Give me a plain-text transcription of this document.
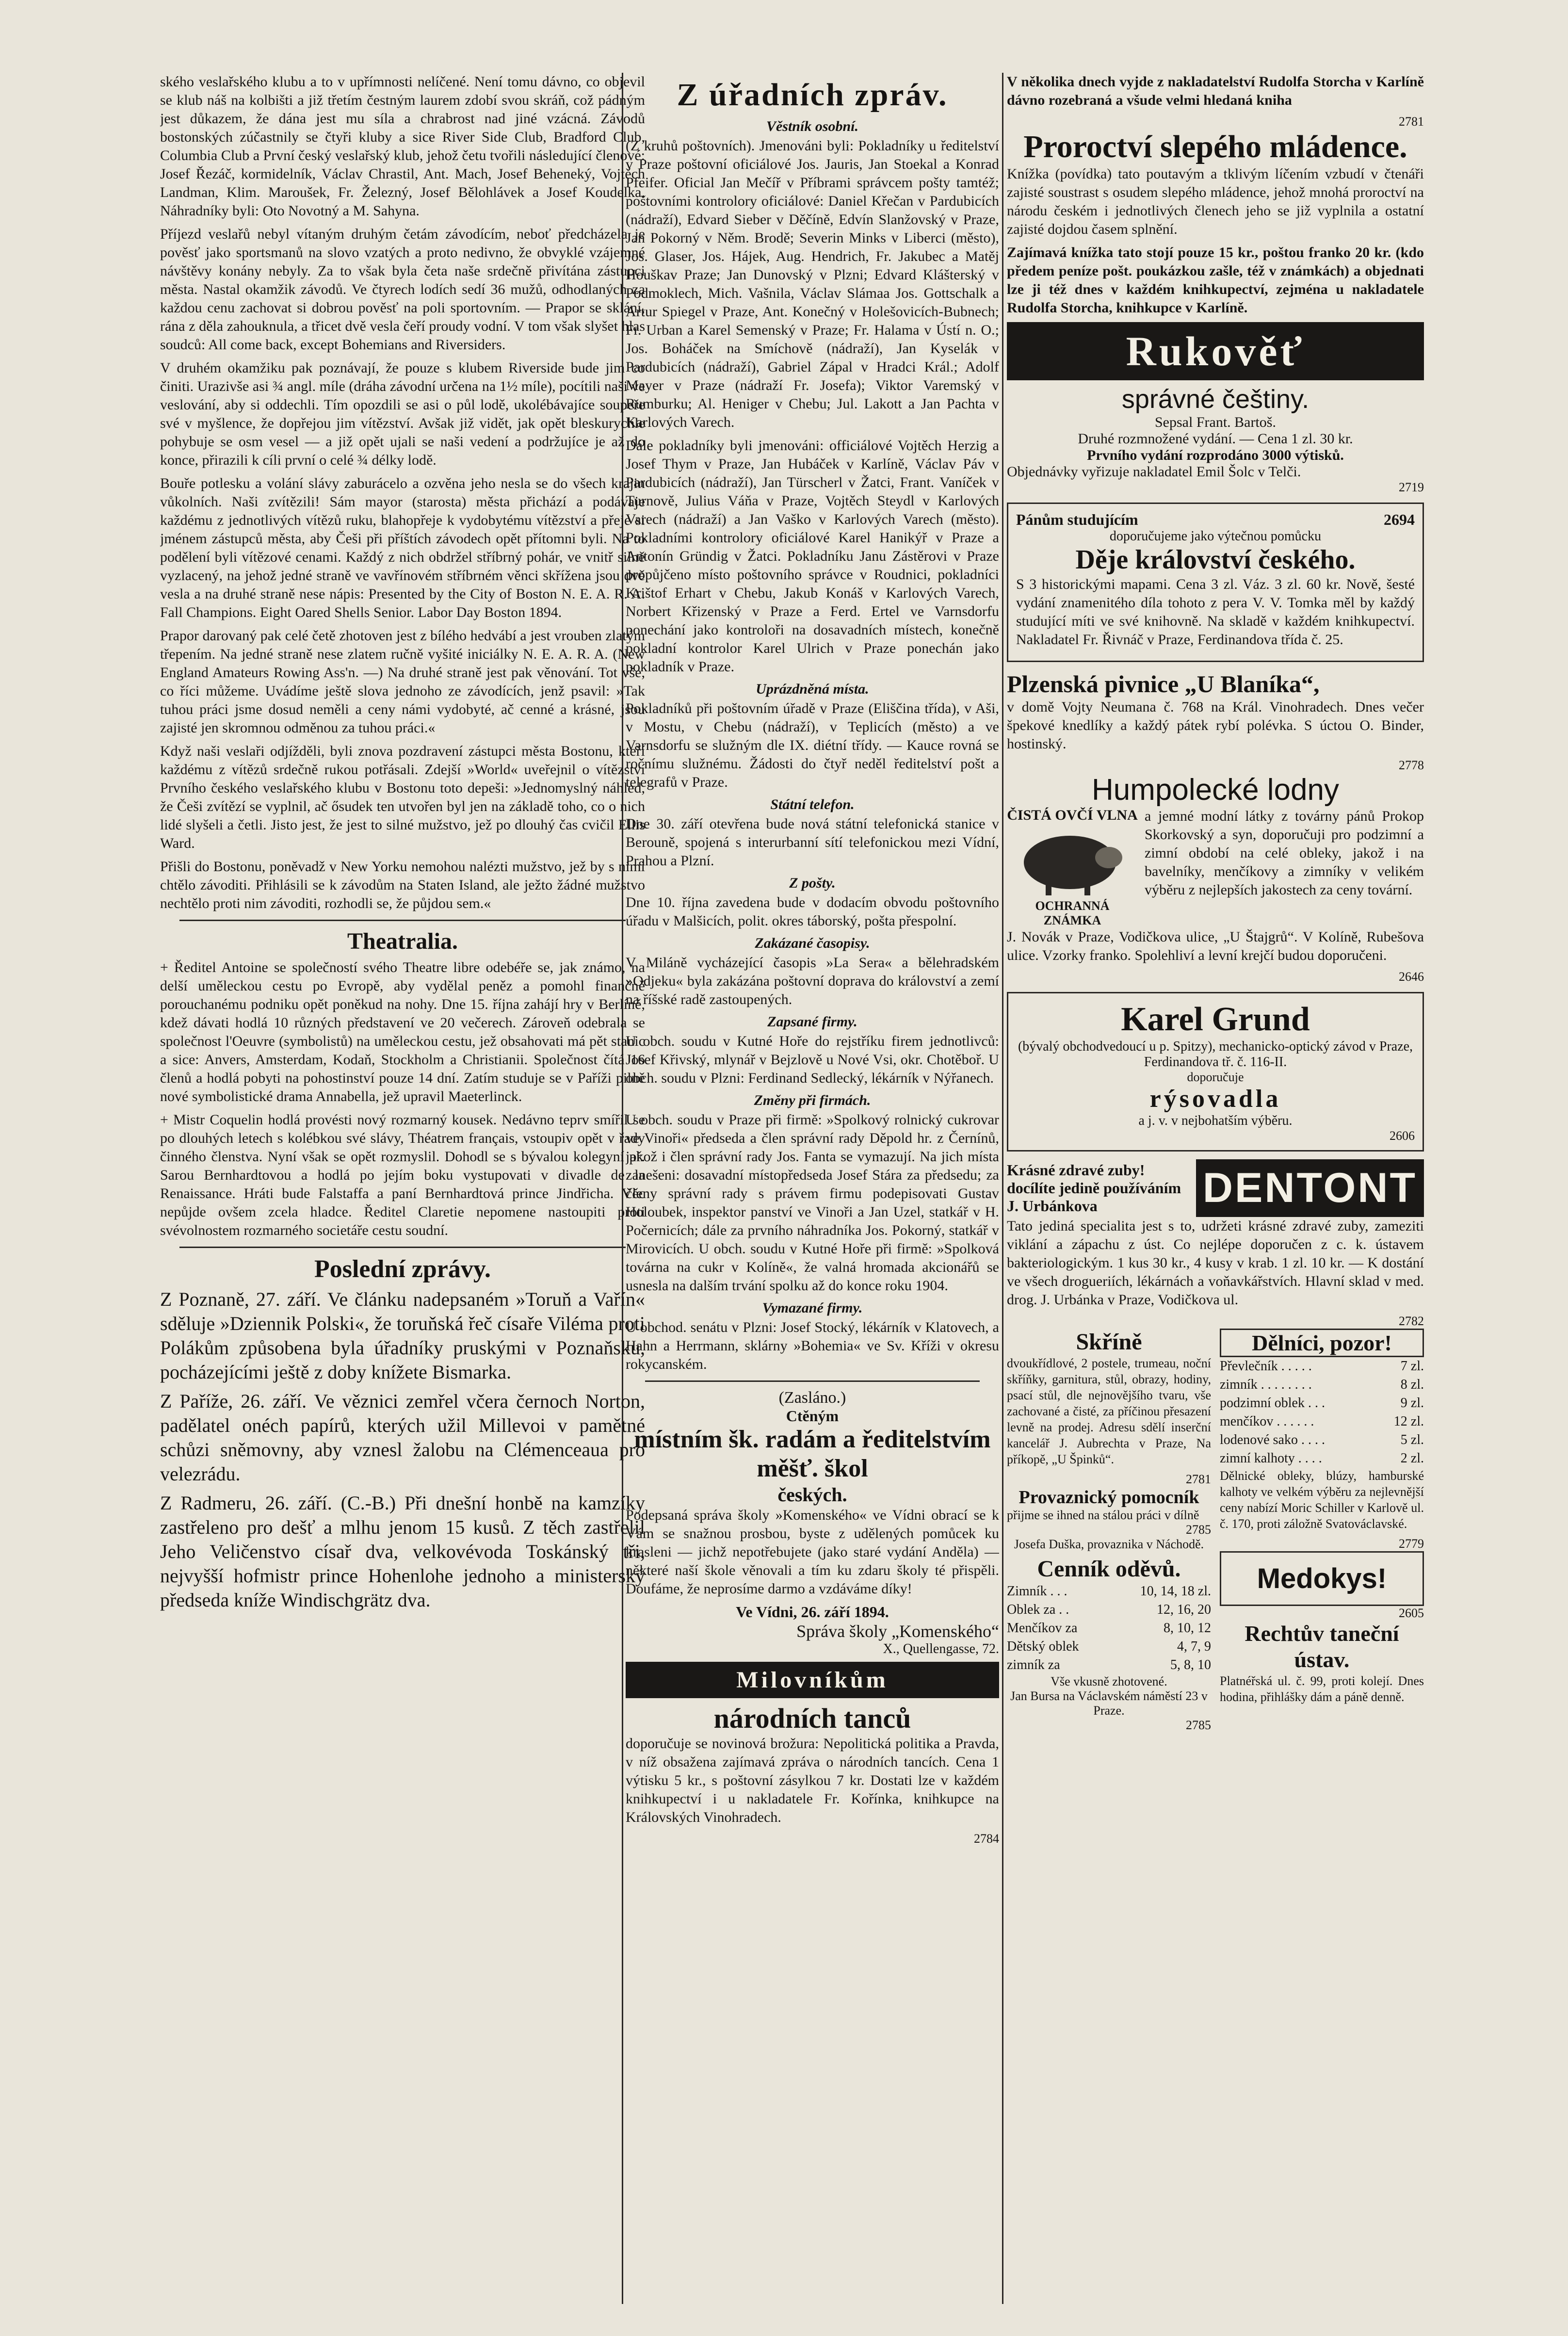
ského veslařského klubu a to v upřímnosti nelíčené. Není tomu dávno, co objevil se klub náš na kolbišti a již třetím čestným laurem zdobí svou skráň, což pádným jest důkazem, že dána jest mu síla a chrabrost nad jiné vzácná. Závodů bostonských zúčastnily se čtyři kluby a sice River Side Club, Bradford Club, Columbia Club a První český veslařský klub, jehož četu tvořili následující členové: Josef Řezáč, kormidelník, Václav Chrastil, Ant. Mach, Josef Beheneký, Vojtěch Landman, Klim. Maroušek, Fr. Železný, Josef Bělohlávek a Josef Koudelka. Náhradníky byli: Oto Novotný a M. Sahyna.

Příjezd veslařů nebyl vítaným druhým četám závodícím, neboť předcházela je pověsť jako sportsmanů na slovo vzatých a proto nedivno, že obvyklé vzájemné návštěvy konány nebyly. Za to však byla četa naše srdečně přivítána zástupci města. Nastal okamžik závodů. Ve čtyrech lodích sedí 36 mužů, odhodlaných za každou cenu zachovat si dobrou pověsť na poli sportovním. — Prapor se sklání, rána z děla zahouknula, a třicet dvě vesla čeří proudy vodní. V tom však slyšet hlas soudců: All come back, except Bohemians and Riversiders.

V druhém okamžiku pak poznávají, že pouze s klubem Riverside bude jim co činiti. Urazivše asi ¾ angl. míle (dráha závodní určena na 1½ míle), pocítili naši ve veslování, aby si oddechli. Tím opozdili se asi o půl lodě, ukolébávajíce soupeře své v myšlence, že dopřejou jim vítězství. Avšak již vidět, jak opět bleskurychle pohybuje se osm vesel — a již opět ujali se naši vedení a podržujíce je až do konce, přirazili k cíli první o celé ¾ délky lodě.

Bouře potlesku a volání slávy zaburácelo a ozvěna jeho nesla se do všech krajin vůkolních. Naši zvítězili! Sám mayor (starosta) města přichází a podávaje každému z jednotlivých vítězů ruku, blahopřeje k vydobytému vítězství a přeje si jménem zástupců města, aby Češi při příštích závodech opět přítomni byli. Na to podělení byli vítězové cenami. Každý z nich obdržel stříbrný pohár, ve vnitř silně vyzlacený, na jehož jedné straně ve vavřínovém stříbrném věnci skřížena jsou dvě vesla a na druhé straně nese nápis: Presented by the City of Boston N. E. A. R. A. Fall Champions. Eight Oared Shells Senior. Labor Day Boston 1894.

Prapor darovaný pak celé četě zhotoven jest z bílého hedvábí a jest vrouben zlatým třepením. Na jedné straně nese zlatem ručně vyšité iniciálky N. E. A. R. A. (New England Amateurs Rowing Ass'n. —) Na druhé straně jest pak věnování. Tot vše, co říci můžeme. Uvádíme ještě slova jednoho ze závodících, jenž psavil: »Tak tuhou práci jsme dosud neměli a ceny námi vydobyté, ač cenné a krásné, jsou zajisté jen skromnou odměnou za tuhou práci.«

Když naši veslaři odjížděli, byli znova pozdravení zástupci města Bostonu, kteří každému z vítězů srdečně rukou potřásali. Zdejší »World« uveřejnil o vítězství Prvního českého veslařského klubu v Bostonu toto depeši: »Jednomyslný náhled, že Češi zvítězí se vyplnil, ač ősudek ten utvořen byl jen na základě toho, co o nich lidé slyšeli a četli. Jisto jest, že jest to silné mužstvo, jež po dlouhý čas cvičil Ellis Ward.

Přišli do Bostonu, poněvadž v New Yorku nemohou nalézti mužstvo, jež by s nimi chtělo závoditi. Přihlásili se k závodům na Staten Island, ale ježto žádné mužstvo nechtělo proti nim závoditi, rozhodli se, že půjdou sem.«

Theatralia.

+ Ředitel Antoine se společností svého Theatre libre odebéře se, jak známo, na delší uměleckou cestu po Evropě, aby vydělal peněz a pomohl finančně porouchanému podniku opět poněkud na nohy. Dne 15. října zahájí hry v Berlíně, kdež dávati hodlá 10 různých představení ve 20 večerech. Zároveň odebrala se společnost l'Oeuvre (symbolistů) na uměleckou cestu, jež obsahovati má pět stanic a sice: Anvers, Amsterdam, Kodaň, Stockholm a Christianii. Společnost čítá 16 členů a hodlá pobyti na pohostinství pouze 14 dní. Zatím studuje se v Paříži pilně nové symbolistické drama Annabella, jež upravil Maeterlinck.

+ Mistr Coquelin hodlá provésti nový rozmarný kousek. Nedávno teprv smířil se po dlouhých letech s kolébkou své slávy, Théatrem français, vstoupiv opět v řady činného členstva. Nyní však se opět rozmyslil. Dohodl se s bývalou kolegyní př. Sarou Bernhardtovou a hodlá po jejím boku vystupovati v divadle de la Renaissance. Hráti bude Falstaffa a paní Bernhardtová prince Jindřicha. Věc nepůjde ovšem zcela hladce. Ředitel Claretie nepomene nastoupiti proti svévolnostem rozmarného societáře cestu soudní.

Poslední zprávy.

Z Poznaně, 27. září. Ve článku nadepsaném »Toruň a Vařín« sděluje »Dziennik Polski«, že toruňská řeč císaře Viléma proti Polákům způsobena byla úřadníky pruskými v Poznaňsku, pocházejícími ještě z doby knížete Bismarka.

Z Paříže, 26. září. Ve věznici zemřel včera černoch Norton, padělatel onéch papírů, kterých užil Millevoi v pamětné schůzi sněmovny, aby vznesl žalobu na Clémenceaua pro velezrádu.

Z Radmeru, 26. září. (C.-B.) Při dnešní honbě na kamzíky zastřeleno pro dešť a mlhu jenom 15 kusů. Z těch zastřelil Jeho Veličenstvo císař dva, velkovévoda Toskánský tři, nejvyšší hofmistr prince Hohenlohe jednoho a ministerský předseda kníže Windischgrätz dva.

Z úřadních zpráv.
Věstník osobní.

(Z kruhů poštovních). Jmenováni byli: Pokladníky u ředitelství v Praze poštovní oficiálové Jos. Jauris, Jan Stoekal a Konrad Pfeifer. Oficial Jan Mečíř v Příbrami správcem pošty tamtéž; poštovními kontrolory oficiálové: Daniel Křečan v Pardubicích (nádraží), Edvard Sieber v Děčíně, Edvín Slanžovský v Praze, Jan Pokorný v Něm. Brodě; Severin Minks v Liberci (město), Jos. Glaser, Jos. Hájek, Aug. Hendrich, Fr. Jakubec a Matěj Houškav Praze; Jan Dunovský v Plzni; Edvard Klášterský v Podmoklech, Mich. Vašnila, Václav Slámaa Jos. Gottschalk a Artur Spiegel v Praze, Ant. Konečný v Holešovicích-Bubnech; Fr. Urban a Karel Semenský v Praze; Fr. Halama v Ústí n. O.; Jos. Boháček na Smíchově (nádraží), Jan Kyselák v Pardubicích (nádraží), Gabriel Zápal v Hradci Král.; Adolf Mayer v Praze (nádraží Fr. Josefa); Viktor Varemský v Rumburku; Al. Heniger v Chebu; Jul. Lakott a Jan Pachta v Karlových Varech.

Dále pokladníky byli jmenováni: officiálové Vojtěch Herzig a Josef Thym v Praze, Jan Hubáček v Karlíně, Václav Páv v Pardubicích (nádraží), Jan Türscherl v Žatci, Frant. Vaníček v Turnově, Julius Váňa v Praze, Vojtěch Steydl v Karlových Varech (nádraží) a Jan Vaško v Karlových Varech (město). Pokladními kontrolory oficiálové Karel Hanikýř v Praze a Antonín Gründig v Žatci. Pokladníku Janu Zástěrovi v Praze propůjčeno místo poštovního správce v Roudnici, pokladníci Krištof Erhart v Chebu, Jakub Konáš v Karlových Varech, Norbert Křizenský v Praze a Ferd. Ertel ve Varnsdorfu ponechání jako kontroloři na dosavadních místech, konečně pokladní kontrolor Karel Ulrich v Praze ponechán jako pokladník v Praze.

Uprázdněná místa.

Pokladníků při poštovním úřadě v Praze (Eliščina třída), v Aši, v Mostu, v Chebu (nádraží), v Teplicích (město) a ve Varnsdorfu se služným dle IX. diétní třídy. — Kauce rovná se ročnímu služnému. Žádosti do čtyř neděl ředitelství pošt a telegrafů v Praze.

Státní telefon.

Dne 30. září otevřena bude nová státní telefonická stanice v Berouně, spojená s interurbanní sítí telefonickou mezi Vídní, Prahou a Plzní.

Z pošty.

Dne 10. října zavedena bude v dodacím obvodu poštovního úřadu v Malšicích, polit. okres táborský, pošta přespolní.

Zakázané časopisy.

V Miláně vycházející časopis »La Sera« a bělehradském »Odjeku« byla zakázána poštovní doprava do království a zemí na říšské radě zastoupených.

Zapsané firmy.

U obch. soudu v Kutné Hoře do rejstříku firem jednotlivců: Josef Křivský, mlynář v Bejzlově u Nové Vsi, okr. Chotěboř. U obch. soudu v Plzni: Ferdinand Sedlecký, lékárník v Nýřanech.

Změny při firmách.

U obch. soudu v Praze při firmě: »Spolkový rolnický cukrovar ve Vinoři« předseda a člen správní rady Děpold hr. z Černínů, jakož i člen správní rady Jos. Fanta se vymazují. Na jich místa zanešeni: dosavadní místopředseda Josef Stára za předsedu; za členy správní rady s právem firmu podepisovati Gustav Holoubek, inspektor panství ve Vinoři a Jan Uzel, statkář v H. Počernicích; dále za prvního náhradníka Jos. Pokorný, statkář v Mirovicích. U obch. soudu v Kutné Hoře při firmě: »Spolková továrna na cukr v Kolíně«, že valná hromada akcionářů se usnesla na dalším trvání spolku až do konce roku 1904.

Vymazané firmy.

U obchod. senátu v Plzni: Josef Stocký, lékárník v Klatovech, a Hahn a Herrmann, sklárny »Bohemia« ve Sv. Kříži v okresu rokycanském.

(Zasláno.)
Ctěným
místním šk. radám a ředitelstvím měšť. škol
českých.

Podepsaná správa školy »Komenského« ve Vídni obrací se k Vám se snažnou prosbou, byste z udělených pomůcek ku krasleni — jichž nepotřebujete (jako staré vydání Anděla) — některé naší škole věnovali a tím ku zdaru školy té přispěli. Doufáme, že neprosíme darmo a vzdáváme díky!

Ve Vídni, 26. září 1894.
Správa školy „Komenského“
X., Quellengasse, 72.
Milovníkům
národních tanců

doporučuje se novinová brožura: Nepolitická politika a Pravda, v níž obsažena zajímavá zpráva o národních tancích. Cena 1 výtisku 5 kr., s poštovní zásylkou 7 kr. Dostati lze v každém knihkupectví i u nakladatele Fr. Kořínka, knihkupce na Královských Vinohradech.

2784

V několika dnech vyjde z nakladatelství Rudolfa Storcha v Karlíně dávno rozebraná a všude velmi hledaná kniha

2781
Proroctví slepého mládence.

Knížka (povídka) tato poutavým a tklivým líčením vzbudí v čtenáři zajisté soustrast s osudem slepého mládence, jehož mnohá proroctví na národu českém i jednotlivých členech jeho se již vyplnila a ostatní zajisté dojdou časem splnění.

Zajímavá knížka tato stojí pouze 15 kr., poštou franko 20 kr. (kdo předem peníze pošt. poukázkou zašle, též v známkách) a objednati lze ji též dnes v každém knihkupectví, zejména u nakladatele Rudolfa Storcha, knihkupce v Karlíně.

Rukověť
správné češtiny.
Sepsal Frant. Bartoš.
Druhé rozmnožené vydání. — Cena 1 zl. 30 kr.
Prvního vydání rozprodáno 3000 výtisků.
Objednávky vyřizuje nakladatel Emil Šolc v Telči.
2719
Pánům studujícím	2694
doporučujeme jako výtečnou pomůcku
Děje království českého.

S 3 historickými mapami. Cena 3 zl. Váz. 3 zl. 60 kr. Nově, šesté vydání znamenitého díla tohoto z pera V. V. Tomka měl by každý studující míti ve své knihovně. Na skladě v každém knihkupectví. Nakladatel Fr. Řivnáč v Praze, Ferdinandova třída č. 25.

Plzenská pivnice „U Blaníka“,

v domě Vojty Neumana č. 768 na Král. Vinohradech. Dnes večer špekové knedlíky a každý pátek rybí polévka. S úctou O. Binder, hostinský.

2778
Humpolecké lodny
ČISTÁ OVČÍ VLNA
OCHRANNÁ ZNÁMKA

a jemné modní látky z továrny pánů Prokop Skorkovský a syn, doporučuji pro podzimní a zimní období na celé obleky, jakož i na bavelníky, menčíkovy a zimníky v velikém výběru z nejlepších jakostech za ceny tovární.

J. Novák v Praze, Vodičkova ulice, „U Štajgrů“. V Kolíně, Rubešova ulice. Vzorky franko. Spolehliví a levní krejčí budou doporučeni.

2646
Karel Grund
(bývalý obchodvedoucí u p. Spitzy), mechanicko-optický závod v Praze, Ferdinandova tř. č. 116-II.
doporučuje
rýsovadla
a j. v. v nejbohatším výběru.
2606
Krásné zdravé zuby! docílíte jedině používáním J. Urbánkova	DENTONT

Tato jediná specialita jest s to, udržeti krásné zdravé zuby, zameziti viklání a zápachu z úst. Co nejlépe doporučen z c. k. ústavem bakteriologickým. 1 kus 30 kr., 4 kusy v krab. 1 zl. 10 kr. — K dostání ve všech drogueriích, lékárnách a voňavkářstvích. Hlavní sklad v med. drog. J. Urbánka v Praze, Vodičkova ul.

2782
Skříně

dvoukřídlové, 2 postele, trumeau, noční skříňky, garnitura, stůl, obrazy, hodiny, psací stůl, dle nejnovějšího tvaru, vše zachované a čisté, za příčinou přesazení levně na prodej. Adresu sdělí inserční kancelář J. Aubrechta v Praze, Na příkopě, „U Špinků“.

2781
Provaznický pomocník
přijme se ihned na stálou práci v dílně
2785
Josefa Duška, provaznika v Náchodě.
Cenník oděvů.
Zimník . . .	10, 14, 18 zl.
Oblek za . .	12, 16, 20
Menčíkov za	8, 10, 12
Dětský oblek	4, 7, 9
zimník za	5, 8, 10
Vše vkusně zhotovené.
Jan Bursa na Václavském náměstí 23 v Praze.
2785
Dělníci, pozor!
Převlečník . . . . .	7 zl.
zimník . . . . . . . .	8 zl.
podzimní oblek . . .	9 zl.
menčíkov . . . . . .	12 zl.
lodenové sako . . . .	5 zl.
zimní kalhoty . . . .	2 zl.

Dělnické obleky, blúzy, hamburské kalhoty ve velkém výběru za nejlevnější ceny nabízí Moric Schiller v Karlově ul. č. 170, proti záložně Svatováclavské.

2779
Medokys!
2605
Rechtův taneční ústav.

Platnéřská ul. č. 99, proti kolejí. Dnes hodina, přihlášky dám a páně denně.
